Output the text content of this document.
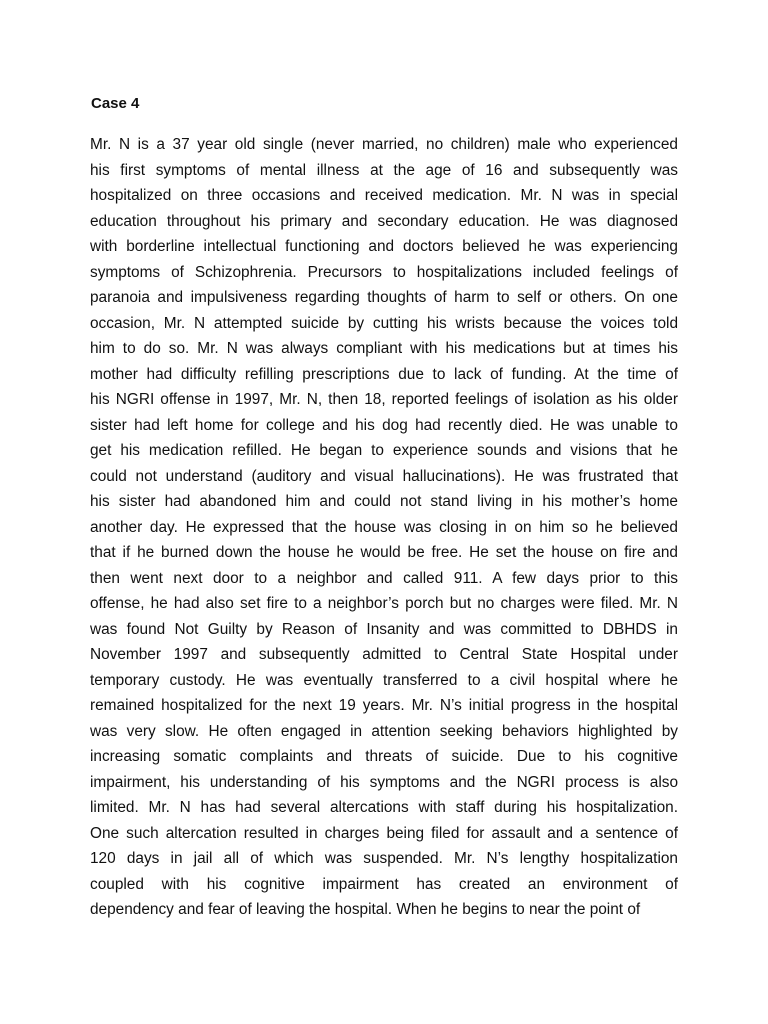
Case 4
Mr. N is a 37 year old single (never married, no children) male who experienced
his first symptoms of mental illness at the age of 16 and subsequently was
hospitalized on three occasions and received medication. Mr. N was in special
education throughout his primary and secondary education. He was diagnosed
with borderline intellectual functioning and doctors believed he was experiencing
symptoms of Schizophrenia. Precursors to hospitalizations included feelings of
paranoia and impulsiveness regarding thoughts of harm to self or others. On one
occasion, Mr. N attempted suicide by cutting his wrists because the voices told
him to do so. Mr. N was always compliant with his medications but at times his
mother had difficulty refilling prescriptions due to lack of funding. At the time of
his NGRI offense in 1997, Mr. N, then 18, reported feelings of isolation as his older
sister had left home for college and his dog had recently died. He was unable to
get his medication refilled. He began to experience sounds and visions that he
could not understand (auditory and visual hallucinations). He was frustrated that
his sister had abandoned him and could not stand living in his mother’s home
another day. He expressed that the house was closing in on him so he believed
that if he burned down the house he would be free. He set the house on fire and
then went next door to a neighbor and called 911. A few days prior to this
offense, he had also set fire to a neighbor’s porch but no charges were filed. Mr. N
was found Not Guilty by Reason of Insanity and was committed to DBHDS in
November 1997 and subsequently admitted to Central State Hospital under
temporary custody. He was eventually transferred to a civil hospital where he
remained hospitalized for the next 19 years. Mr. N’s initial progress in the hospital
was very slow. He often engaged in attention seeking behaviors highlighted by
increasing somatic complaints and threats of suicide. Due to his cognitive
impairment, his understanding of his symptoms and the NGRI process is also
limited. Mr. N has had several altercations with staff during his hospitalization.
One such altercation resulted in charges being filed for assault and a sentence of
120 days in jail all of which was suspended. Mr. N’s lengthy hospitalization
coupled with his cognitive impairment has created an environment of
dependency and fear of leaving the hospital. When he begins to near the point of
